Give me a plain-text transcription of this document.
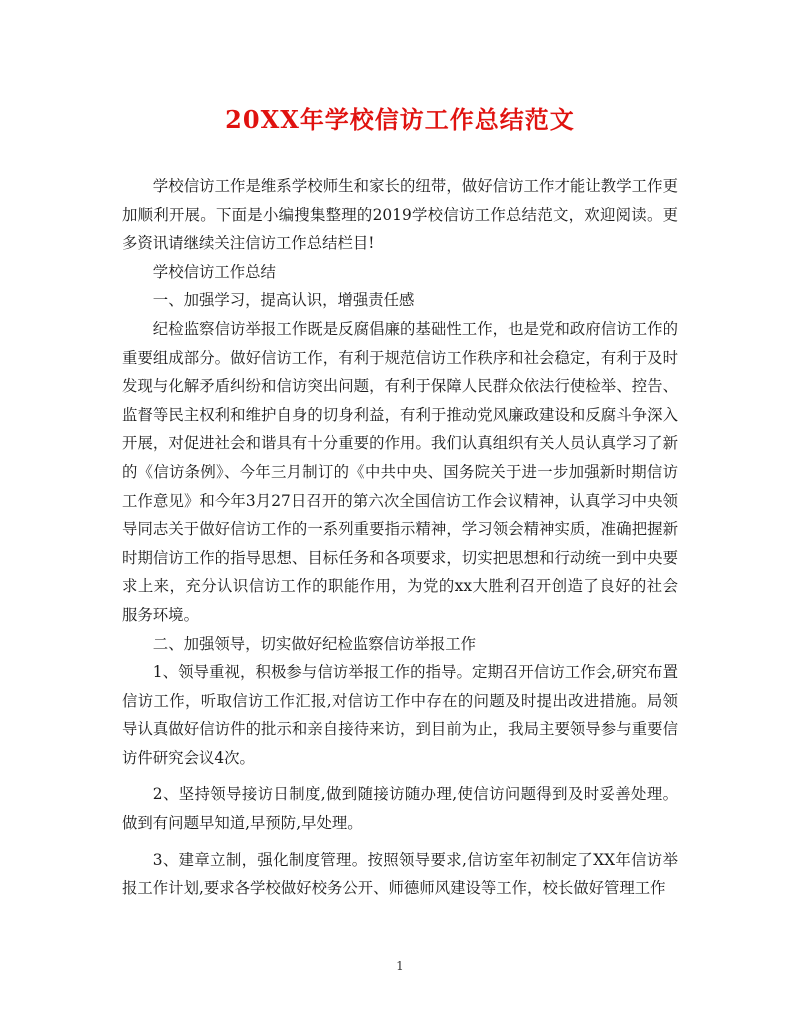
20XX年学校信访工作总结范文

学校信访工作是维系学校师生和家长的纽带，做好信访工作才能让教学工作更加顺利开展。下面是小编搜集整理的2019学校信访工作总结范文，欢迎阅读。更多资讯请继续关注信访工作总结栏目!

学校信访工作总结

一、加强学习，提高认识，增强责任感

纪检监察信访举报工作既是反腐倡廉的基础性工作，也是党和政府信访工作的重要组成部分。做好信访工作，有利于规范信访工作秩序和社会稳定，有利于及时发现与化解矛盾纠纷和信访突出问题，有利于保障人民群众依法行使检举、控告、监督等民主权利和维护自身的切身利益，有利于推动党风廉政建设和反腐斗争深入开展，对促进社会和谐具有十分重要的作用。我们认真组织有关人员认真学习了新的《信访条例》、今年三月制订的《中共中央、国务院关于进一步加强新时期信访工作意见》和今年3月27日召开的第六次全国信访工作会议精神，认真学习中央领导同志关于做好信访工作的一系列重要指示精神，学习领会精神实质，准确把握新时期信访工作的指导思想、目标任务和各项要求，切实把思想和行动统一到中央要求上来，充分认识信访工作的职能作用，为党的xx大胜利召开创造了良好的社会服务环境。

二、加强领导，切实做好纪检监察信访举报工作

1、领导重视，积极参与信访举报工作的指导。定期召开信访工作会,研究布置信访工作，听取信访工作汇报,对信访工作中存在的问题及时提出改进措施。局领导认真做好信访件的批示和亲自接待来访，到目前为止，我局主要领导参与重要信访件研究会议4次。

2、坚持领导接访日制度,做到随接访随办理,使信访问题得到及时妥善处理。做到有问题早知道,早预防,早处理。

3、建章立制，强化制度管理。按照领导要求,信访室年初制定了XX年信访举报工作计划,要求各学校做好校务公开、师德师风建设等工作，校长做好管理工作

1
